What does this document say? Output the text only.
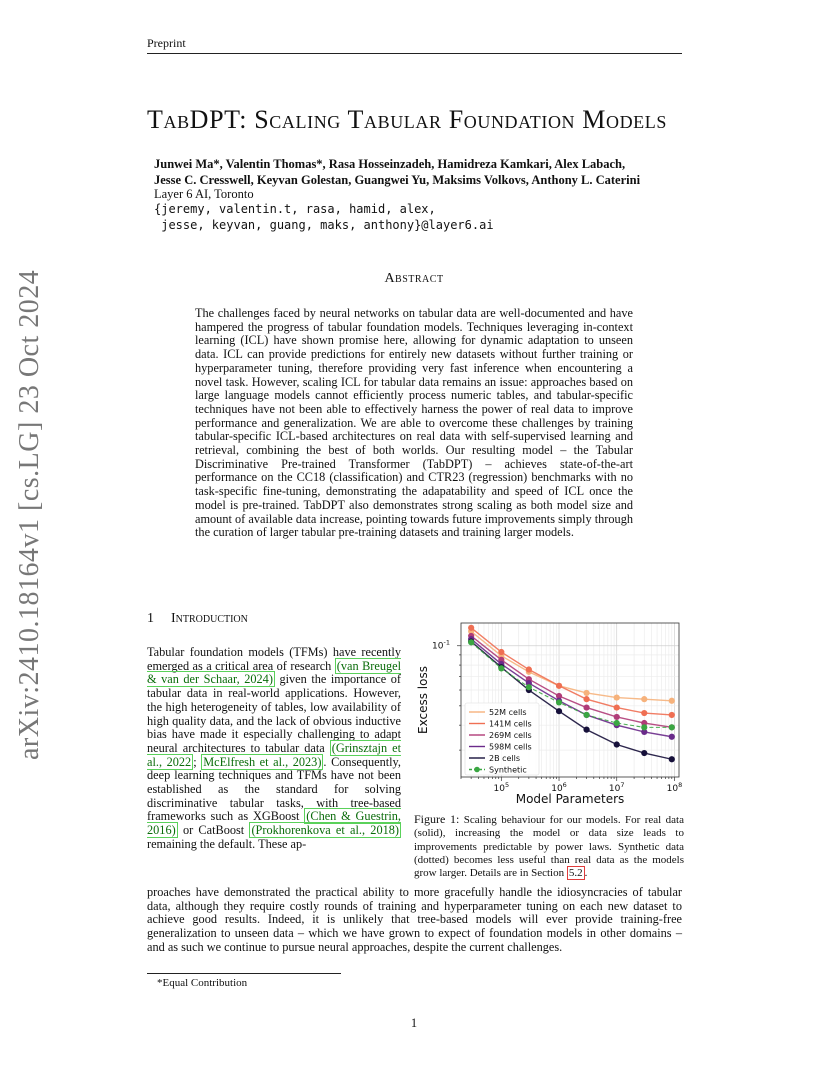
Preprint
arXiv:2410.18164v1 [cs.LG] 23 Oct 2024
TabDPT: Scaling Tabular Foundation Models
Junwei Ma*, Valentin Thomas*, Rasa Hosseinzadeh, Hamidreza Kamkari, Alex Labach,
Jesse C. Cresswell, Keyvan Golestan, Guangwei Yu, Maksims Volkovs, Anthony L. Caterini
Layer 6 AI, Toronto
{jeremy, valentin.t, rasa, hamid, alex,
jesse, keyvan, guang, maks, anthony}@layer6.ai
Abstract
The challenges faced by neural networks on tabular data are well-documented and have hampered the progress of tabular foundation models. Techniques leveraging in-context learning (ICL) have shown promise here, allowing for dynamic adaptation to unseen data. ICL can provide predictions for entirely new datasets without further training or hyperparameter tuning, therefore providing very fast inference when encountering a novel task. However, scaling ICL for tabular data remains an issue: approaches based on large language models cannot efficiently process numeric tables, and tabular-specific techniques have not been able to effectively harness the power of real data to improve performance and generalization. We are able to overcome these challenges by training tabular-specific ICL-based architectures on real data with self-supervised learning and retrieval, combining the best of both worlds. Our resulting model – the Tabular Discriminative Pre-trained Transformer (TabDPT) – achieves state-of-the-art performance on the CC18 (classification) and CTR23 (regression) benchmarks with no task-specific fine-tuning, demonstrating the adapatability and speed of ICL once the model is pre-trained. TabDPT also demonstrates strong scaling as both model size and amount of available data increase, pointing towards future improvements simply through the curation of larger tabular pre-training datasets and training larger models.
1 Introduction
Tabular foundation models (TFMs) have recently emerged as a critical area of research (van Breugel & van der Schaar, 2024) given the importance of tabular data in real-world applications. However, the high heterogeneity of tables, low availability of high quality data, and the lack of obvious inductive bias have made it especially challenging to adapt neural architectures to tabular data (Grinsztajn et al., 2022 ; McElfresh et al., 2023) . Consequently, deep learning techniques and TFMs have not been established as the standard for solving discriminative tabular tasks, with tree-based frameworks such as XGBoost (Chen & Guestrin, 2016) or CatBoost (Prokhorenkova et al., 2018) remaining the default. These ap-
proaches have demonstrated the practical ability to more gracefully handle the idiosyncracies of tabular data, although they require costly rounds of training and hyperparameter tuning on each new dataset to achieve good results. Indeed, it is unlikely that tree-based models will ever provide training-free generalization to unseen data – which we have grown to expect of foundation models in other domains – and as such we continue to pursue neural approaches, despite the current challenges.
$10^5$	$10^6$	$10^7$	$10^8$
$10^{-1}$
Model Parameters
Excess loss	52M cells
141M cells
269M cells
598M cells
2B cells
Synthetic
Figure 1: Scaling behaviour for our models. For real data (solid), increasing the model or data size leads to improvements predictable by power laws. Synthetic data (dotted) becomes less useful than real data as the models grow larger. Details are in Section 5.2 .
*Equal Contribution
1
